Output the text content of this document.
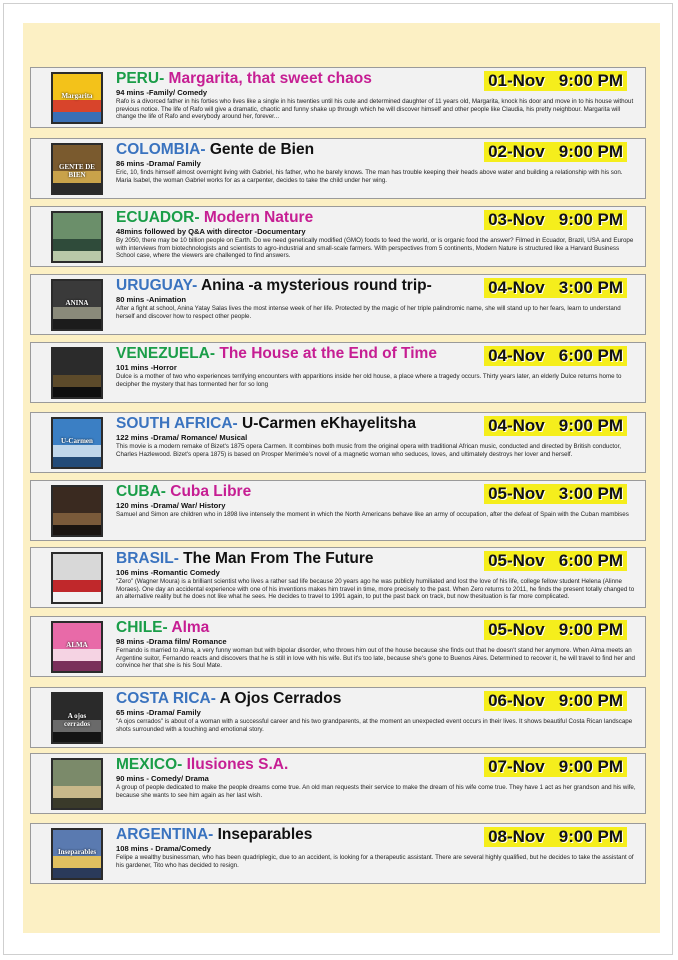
Margarita
PERU- Margarita, that sweet chaos
94 mins -Family/ Comedy
Rafo is a divorced father in his forties who lives like a single in his twenties until his cute and determined daughter of 11 years old, Margarita, knock his door and move in to his house without previous notice. The life of Rafo will give a dramatic, chaotic and funny shake up through which he will discover himself and other people like Claudia, his pretty neighbour. Margarita will change the life of Rafo and everybody around her, forever...
01-Nov 9:00 PM
GENTE DE BIEN
COLOMBIA- Gente de Bien
86 mins -Drama/ Family
Eric, 10, finds himself almost overnight living with Gabriel, his father, who he barely knows. The man has trouble keeping their heads above water and building a relationship with his son. Maria Isabel, the woman Gabriel works for as a carpenter, decides to take the child under her wing.
02-Nov 9:00 PM
ECUADOR- Modern Nature
48mins followed by Q&A with director -Documentary
By 2050, there may be 10 billion people on Earth. Do we need genetically modified (GMO) foods to feed the world, or is organic food the answer? Filmed in Ecuador, Brazil, USA and Europe with interviews from biotechnologists and scientists to agro-industrial and small-scale farmers. With perspectives from 5 continents, Modern Nature is structured like a Harvard Business School case, where the viewers are challenged to find answers.
03-Nov 9:00 PM
ANINA
URUGUAY- Anina -a mysterious round trip-
80 mins -Animation
After a fight at school, Anina Yatay Salas lives the most intense week of her life. Protected by the magic of her triple palindromic name, she will stand up to her fears, learn to understand herself and discover how to respect other people.
04-Nov 3:00 PM
VENEZUELA- The House at the End of Time
101 mins -Horror
Dulce is a mother of two who experiences terrifying encounters with apparitions inside her old house, a place where a tragedy occurs. Thirty years later, an elderly Dulce returns home to decipher the mystery that has tormented her for so long
04-Nov 6:00 PM
U-Carmen
SOUTH AFRICA- U-Carmen eKhayelitsha
122 mins -Drama/ Romance/ Musical
This movie is a modern remake of Bizet's 1875 opera Carmen. It combines both music from the original opera with traditional African music, conducted and directed by British conductor, Charles Hazlewood. Bizet's opera 1875) is based on Prosper Merimée's novel of a magnetic woman who seduces, loves, and ultimately destroys her lover and herself.
04-Nov 9:00 PM
CUBA- Cuba Libre
120 mins -Drama/ War/ History
Samuel and Simon are children who in 1898 live intensely the moment in which the North Americans behave like an army of occupation, after the defeat of Spain with the Cuban mambises
05-Nov 3:00 PM
BRASIL- The Man From The Future
106 mins -Romantic Comedy
"Zero" (Wagner Moura) is a brilliant scientist who lives a rather sad life because 20 years ago he was publicly humiliated and lost the love of his life, college fellow student Helena (Alinne Moraes). One day an accidental experience with one of his inventions makes him travel in time, more precisely to the past. When Zero returns to 2011, he finds the present totally changed to an alternative reality but he does not like what he sees. He decides to travel to 1991 again, to put the past back on track, but now thesituation is far more complicated.
05-Nov 6:00 PM
ALMA
CHILE- Alma
98 mins -Drama film/ Romance
Fernando is married to Alma, a very funny woman but with bipolar disorder, who throws him out of the house because she finds out that he doesn't stand her anymore. When Alma meets an Argentine suitor, Fernando reacts and discovers that he is still in love with his wife. But it's too late, because she's gone to Buenos Aires. Determined to recover it, he will travel to find her and convince her that she is his Soul Mate.
05-Nov 9:00 PM
A ojos cerrados
COSTA RICA- A Ojos Cerrados
65 mins -Drama/ Family
"A ojos cerrados" is about of a woman with a successful career and his two grandparents, at the moment an unexpected event occurs in their lives. It shows beautiful Costa Rican landscape shots surrounded with a touching and emotional story.
06-Nov 9:00 PM
MEXICO- Ilusiones S.A.
90 mins - Comedy/ Drama
A group of people dedicated to make the people dreams come true. An old man requests their service to make the dream of his wife come true. They have 1 act as her grandson and his wife, because she wants to see him again as her last wish.
07-Nov 9:00 PM
Inseparables
ARGENTINA- Inseparables
108 mins - Drama/Comedy
Felipe a wealthy businessman, who has been quadriplegic, due to an accident, is looking for a therapeutic assistant. There are several highly qualified, but he decides to take the assistant of his gardener, Tito who has decided to resign.
08-Nov 9:00 PM
